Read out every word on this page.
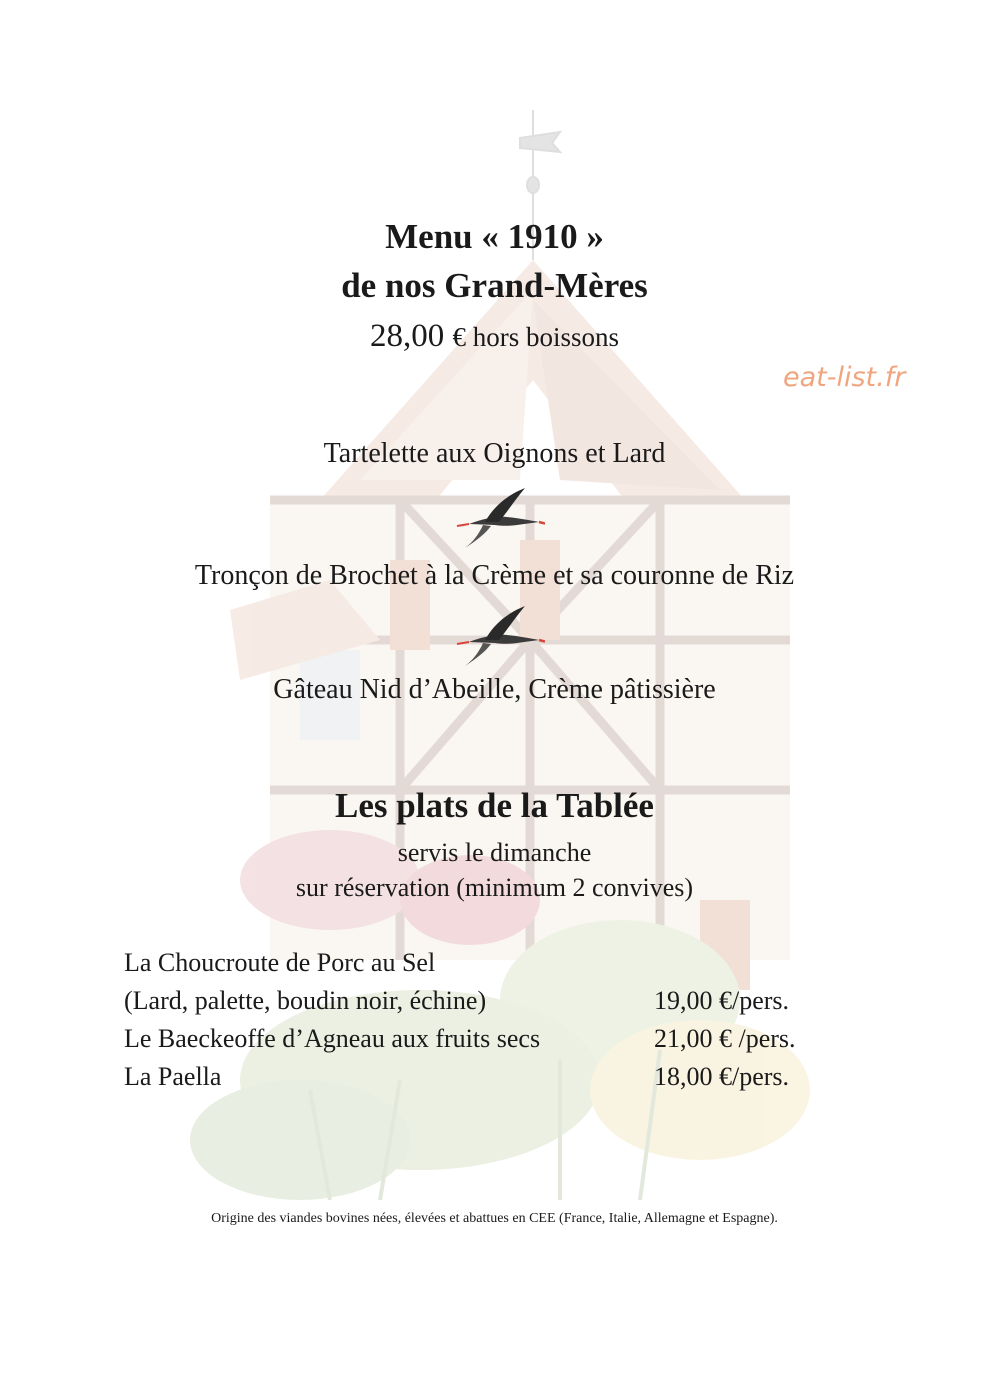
Menu « 1910 »
de nos Grand-Mères
28,00 € hors boissons
eat-list.fr
Tartelette aux Oignons et Lard
Tronçon de Brochet à la Crème et sa couronne de Riz
Gâteau Nid d’Abeille, Crème pâtissière
Les plats de la Tablée
servis le dimanche
sur réservation (minimum 2 convives)
La Choucroute de Porc au Sel
(Lard, palette, boudin noir, échine)	19,00 €/pers.
Le Baeckeoffe d’Agneau aux fruits secs	21,00 € /pers.
La Paella	18,00 €/pers.
Origine des viandes bovines nées, élevées et abattues en CEE (France, Italie, Allemagne et Espagne).
